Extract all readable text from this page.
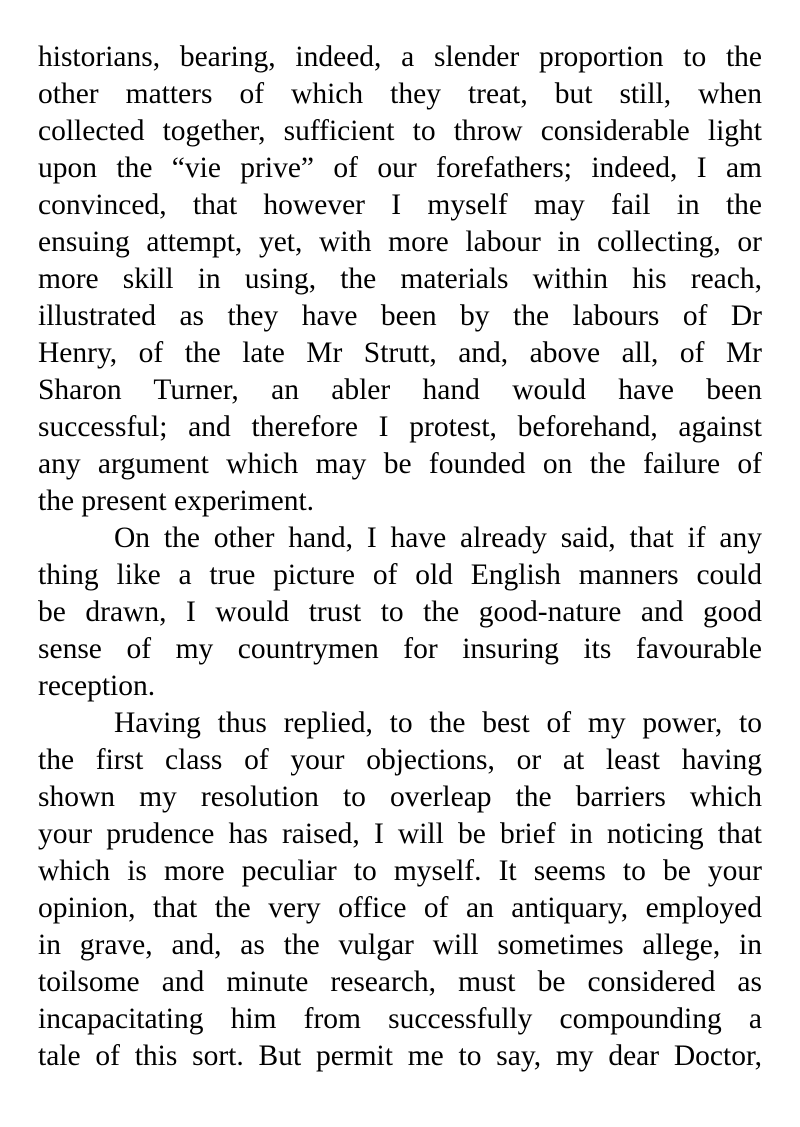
historians, bearing, indeed, a slender proportion to the
other matters of which they treat, but still, when
collected together, sufficient to throw considerable light
upon the “vie prive” of our forefathers; indeed, I am
convinced, that however I myself may fail in the
ensuing attempt, yet, with more labour in collecting, or
more skill in using, the materials within his reach,
illustrated as they have been by the labours of Dr
Henry, of the late Mr Strutt, and, above all, of Mr
Sharon Turner, an abler hand would have been
successful; and therefore I protest, beforehand, against
any argument which may be founded on the failure of
the present experiment.
On the other hand, I have already said, that if any
thing like a true picture of old English manners could
be drawn, I would trust to the good-nature and good
sense of my countrymen for insuring its favourable
reception.
Having thus replied, to the best of my power, to
the first class of your objections, or at least having
shown my resolution to overleap the barriers which
your prudence has raised, I will be brief in noticing that
which is more peculiar to myself. It seems to be your
opinion, that the very office of an antiquary, employed
in grave, and, as the vulgar will sometimes allege, in
toilsome and minute research, must be considered as
incapacitating him from successfully compounding a
tale of this sort. But permit me to say, my dear Doctor,
